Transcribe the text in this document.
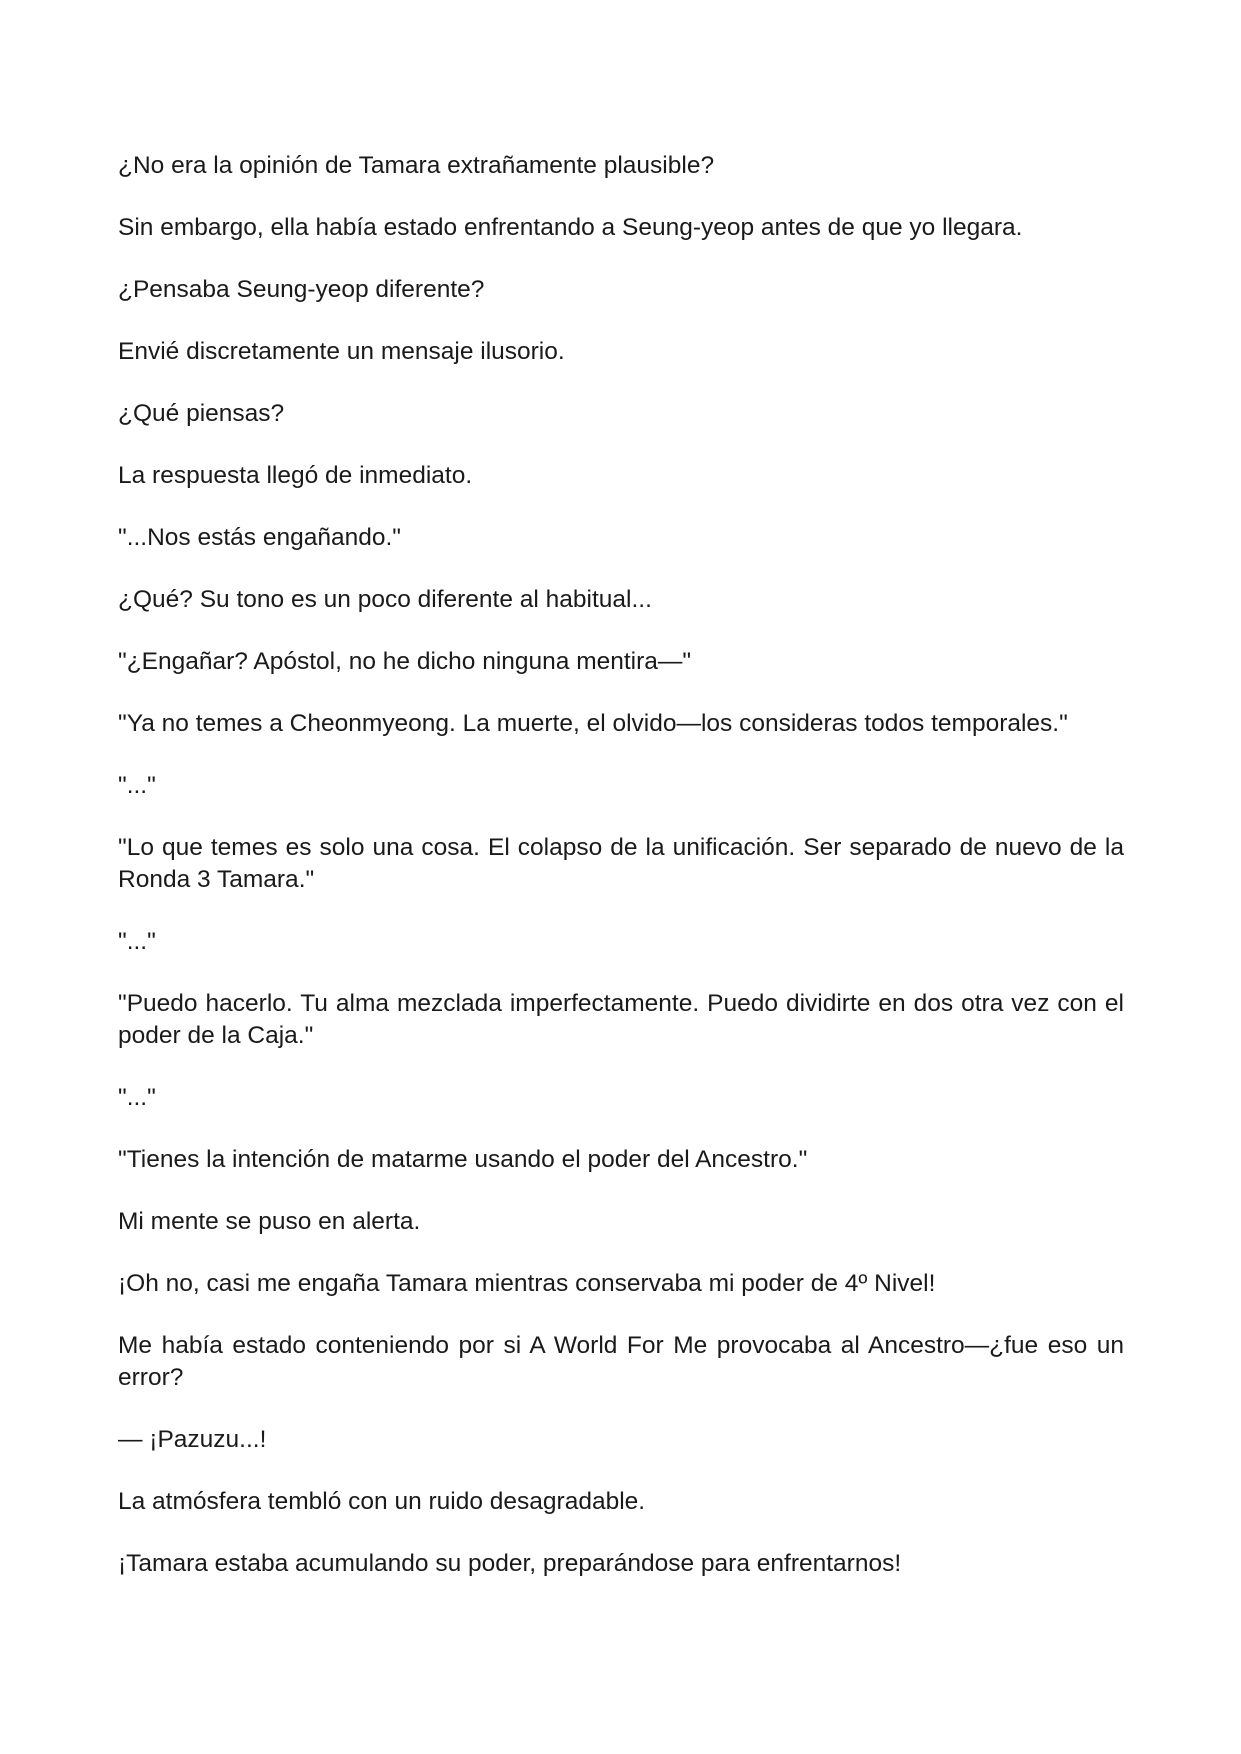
¿No era la opinión de Tamara extrañamente plausible?

Sin embargo, ella había estado enfrentando a Seung-yeop antes de que yo llegara.

¿Pensaba Seung-yeop diferente?

Envié discretamente un mensaje ilusorio.

¿Qué piensas?

La respuesta llegó de inmediato.

"...Nos estás engañando."

¿Qué? Su tono es un poco diferente al habitual...

"¿Engañar? Apóstol, no he dicho ninguna mentira—"

"Ya no temes a Cheonmyeong. La muerte, el olvido—los consideras todos temporales."

"..."

"Lo que temes es solo una cosa. El colapso de la unificación. Ser separado de nuevo de la Ronda 3 Tamara."

"..."

"Puedo hacerlo. Tu alma mezclada imperfectamente. Puedo dividirte en dos otra vez con el poder de la Caja."

"..."

"Tienes la intención de matarme usando el poder del Ancestro."

Mi mente se puso en alerta.

¡Oh no, casi me engaña Tamara mientras conservaba mi poder de 4º Nivel!

Me había estado conteniendo por si A World For Me provocaba al Ancestro—¿fue eso un error?

— ¡Pazuzu...!

La atmósfera tembló con un ruido desagradable.

¡Tamara estaba acumulando su poder, preparándose para enfrentarnos!
